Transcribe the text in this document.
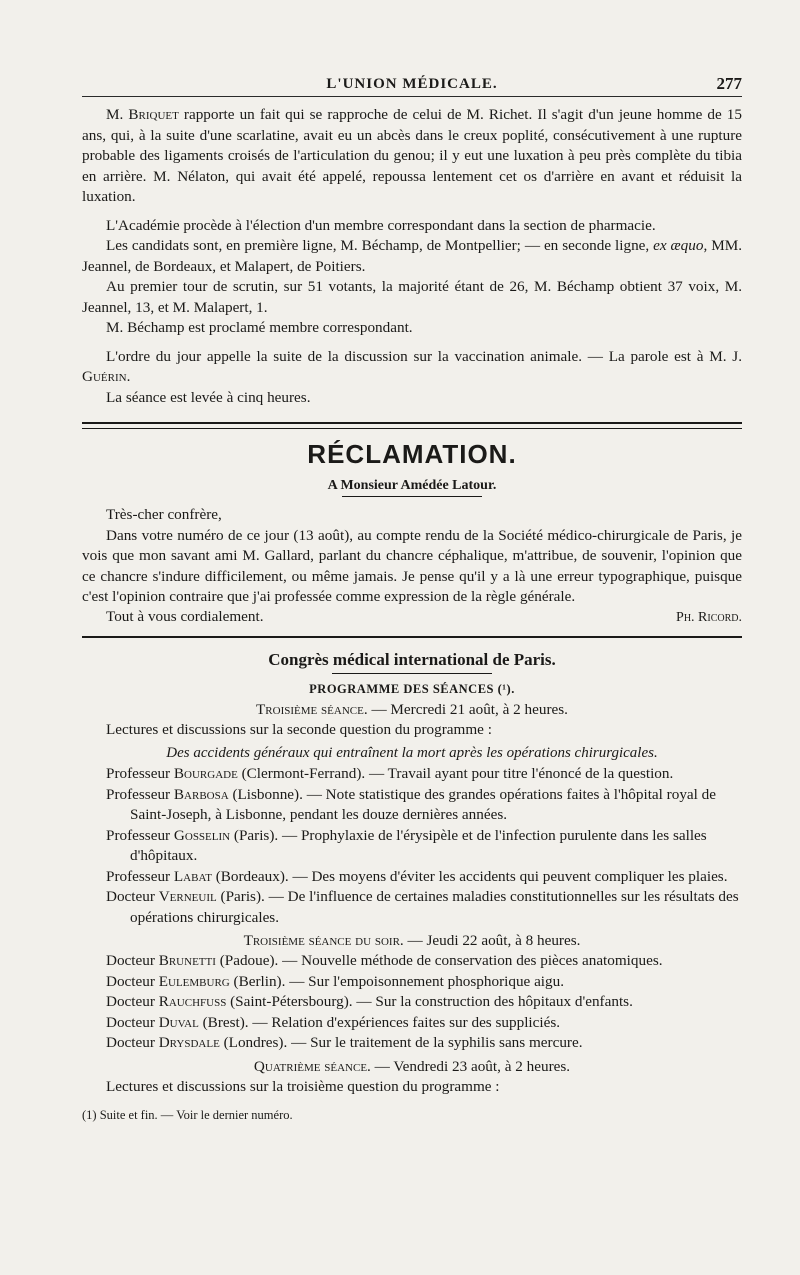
L'UNION MÉDICALE.	277

M. Briquet rapporte un fait qui se rapproche de celui de M. Richet. Il s'agit d'un jeune homme de 15 ans, qui, à la suite d'une scarlatine, avait eu un abcès dans le creux poplité, consécutivement à une rupture probable des ligaments croisés de l'articulation du genou; il y eut une luxation à peu près complète du tibia en arrière. M. Nélaton, qui avait été appelé, repoussa lentement cet os d'arrière en avant et réduisit la luxation.

L'Académie procède à l'élection d'un membre correspondant dans la section de pharmacie.

Les candidats sont, en première ligne, M. Béchamp, de Montpellier; — en seconde ligne, ex æquo, MM. Jeannel, de Bordeaux, et Malapert, de Poitiers.

Au premier tour de scrutin, sur 51 votants, la majorité étant de 26, M. Béchamp obtient 37 voix, M. Jeannel, 13, et M. Malapert, 1.

M. Béchamp est proclamé membre correspondant.

L'ordre du jour appelle la suite de la discussion sur la vaccination animale. — La parole est à M. J. Guérin.

La séance est levée à cinq heures.

RÉCLAMATION.
A Monsieur Amédée Latour.

Très-cher confrère,

Dans votre numéro de ce jour (13 août), au compte rendu de la Société médico-chirurgicale de Paris, je vois que mon savant ami M. Gallard, parlant du chancre céphalique, m'attribue, de souvenir, l'opinion que ce chancre s'indure difficilement, ou même jamais. Je pense qu'il y a là une erreur typographique, puisque c'est l'opinion contraire que j'ai professée comme expression de la règle générale.

Tout à vous cordialement.	Ph. Ricord.
Congrès médical international de Paris.
PROGRAMME DES SÉANCES (¹).
Troisième séance. — Mercredi 21 août, à 2 heures.

Lectures et discussions sur la seconde question du programme :

Des accidents généraux qui entraînent la mort après les opérations chirurgicales.
Professeur Bourgade (Clermont-Ferrand). — Travail ayant pour titre l'énoncé de la question.
Professeur Barbosa (Lisbonne). — Note statistique des grandes opérations faites à l'hôpital royal de Saint-Joseph, à Lisbonne, pendant les douze dernières années.
Professeur Gosselin (Paris). — Prophylaxie de l'érysipèle et de l'infection purulente dans les salles d'hôpitaux.
Professeur Labat (Bordeaux). — Des moyens d'éviter les accidents qui peuvent compliquer les plaies.
Docteur Verneuil (Paris). — De l'influence de certaines maladies constitutionnelles sur les résultats des opérations chirurgicales.
Troisième séance du soir. — Jeudi 22 août, à 8 heures.
Docteur Brunetti (Padoue). — Nouvelle méthode de conservation des pièces anatomiques.
Docteur Eulemburg (Berlin). — Sur l'empoisonnement phosphorique aigu.
Docteur Rauchfuss (Saint-Pétersbourg). — Sur la construction des hôpitaux d'enfants.
Docteur Duval (Brest). — Relation d'expériences faites sur des suppliciés.
Docteur Drysdale (Londres). — Sur le traitement de la syphilis sans mercure.
Quatrième séance. — Vendredi 23 août, à 2 heures.

Lectures et discussions sur la troisième question du programme :

(1) Suite et fin. — Voir le dernier numéro.
